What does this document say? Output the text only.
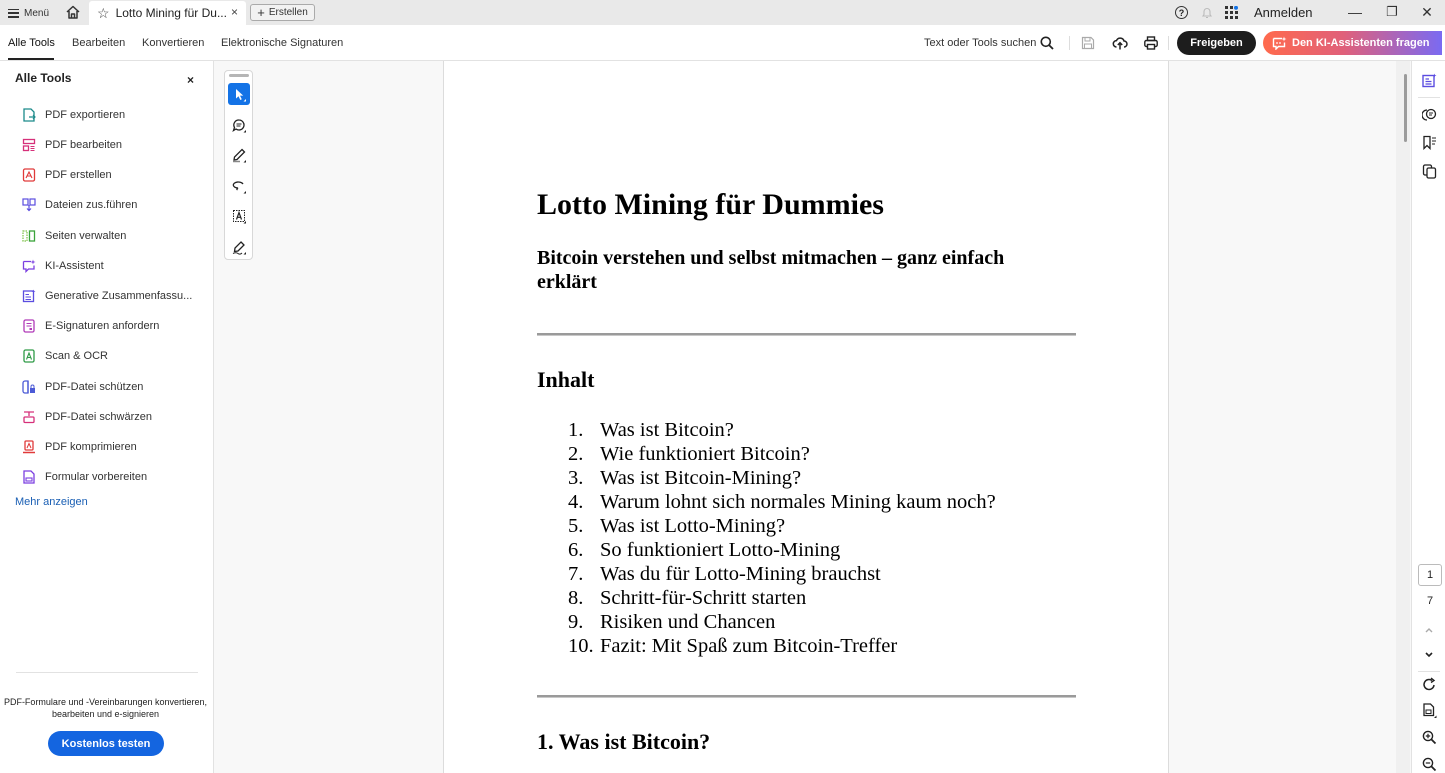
Menü	☆ Lotto Mining für Du... × + Erstellen	?	Anmelden	—	❐ ✕
Alle Tools Bearbeiten Konvertieren Elektronische Signaturen	Text oder Tools suchen	Freigeben	Den KI-Assistenten fragen
Alle Tools	×
PDF exportieren
PDF bearbeiten
PDF erstellen
Dateien zus.führen
Seiten verwalten
KI-Assistent
Generative Zusammenfassu...
E-Signaturen anfordern
Scan & OCR
PDF-Datei schützen
PDF-Datei schwärzen
PDF komprimieren
Formular vorbereiten
Mehr anzeigen
PDF-Formulare und -Vereinbarungen konvertieren, bearbeiten und e-signieren
Kostenlos testen
Lotto Mining für Dummies
Bitcoin verstehen und selbst mitmachen – ganz einfach erklärt
Inhalt
1. Was ist Bitcoin?
2. Wie funktioniert Bitcoin?
3. Was ist Bitcoin-Mining?
4. Warum lohnt sich normales Mining kaum noch?
5. Was ist Lotto-Mining?
6. So funktioniert Lotto-Mining
7. Was du für Lotto-Mining brauchst
8. Schritt-für-Schritt starten
9. Risiken und Chancen
10. Fazit: Mit Spaß zum Bitcoin-Treffer
1. Was ist Bitcoin?
1
7
